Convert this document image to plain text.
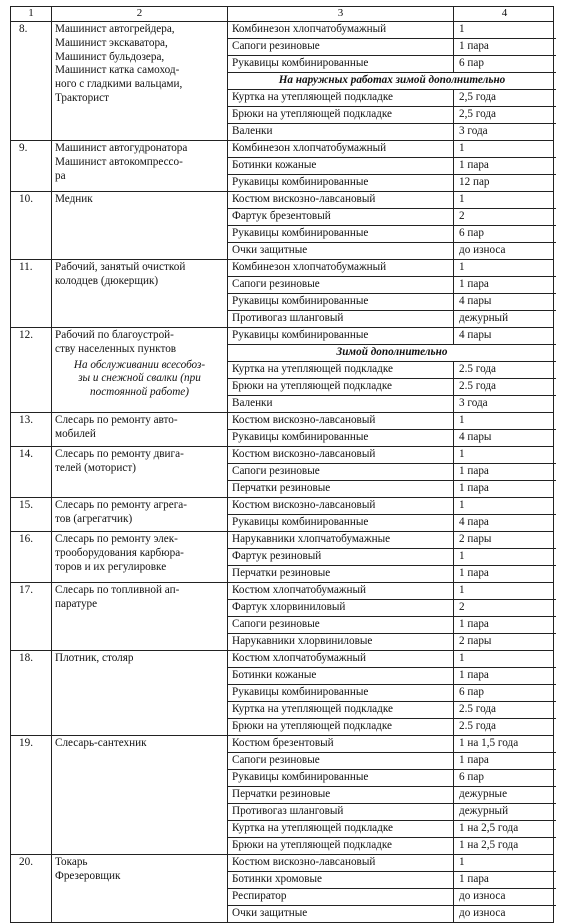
1	2	3	4
8.	Машинист автогрейдера,
Машинист экскаватора,
Машинист бульдозера,
Машинист катка самоход-
ного с гладкими вальцами,
Тракторист
Комбинезон хлопчатобумажный	1
Сапоги резиновые	1 пара
Рукавицы комбинированные	6 пар
На наружных работах зимой дополнительно
Куртка на утепляющей подкладке	2,5 года
Брюки на утепляющей подкладке	2,5 года
Валенки	3 года
9.	Машинист автогудронатора
Машинист автокомпрессо-
ра
Комбинезон хлопчатобумажный	1
Ботинки кожаные	1 пара
Рукавицы комбинированные	12 пар
10.	Медник	Костюм вискозно-лавсановый	1
Фартук брезентовый	2
Рукавицы комбинированные	6 пар
Очки защитные	до износа
11.	Рабочий, занятый очисткой
колодцев (дюкерщик)
Комбинезон хлопчатобумажный	1
Сапоги резиновые	1 пара
Рукавицы комбинированные	4 пары
Противогаз шланговый	дежурный
12.	Рабочий по благоустрой-
ству населенных пунктов
На обслуживании всесобоз-
зы и снежной свалки (при
постоянной работе)
Рукавицы комбинированные	4 пары
Зимой дополнительно
Куртка на утепляющей подкладке	2.5 года
Брюки на утепляющей подкладке	2.5 года
Валенки	3 года
13.	Слесарь по ремонту авто-
мобилей
Костюм вискозно-лавсановый	1
Рукавицы комбинированные	4 пары
14.	Слесарь по ремонту двига-
телей (моторист)
Костюм вискозно-лавсановый	1
Сапоги резиновые	1 пара
Перчатки резиновые	1 пара
15.	Слесарь по ремонту агрега-
тов (агрегатчик)
Костюм вискозно-лавсановый	1
Рукавицы комбинированные	4 пара
16.	Слесарь по ремонту элек-
трооборудования карбюра-
торов и их регулировке
Нарукавники хлопчатобумажные	2 пары
Фартук резиновый	1
Перчатки резиновые	1 пара
17.	Слесарь по топливной ап-
паратуре
Костюм хлопчатобумажный	1
Фартук хлорвиниловый	2
Сапоги резиновые	1 пара
Нарукавники хлорвиниловые	2 пары
18.	Плотник, столяр	Костюм хлопчатобумажный	1
Ботинки кожаные	1 пара
Рукавицы комбинированные	6 пар
Куртка на утепляющей подкладке	2.5 года
Брюки на утепляющей подкладке	2.5 года
19.	Слесарь-сантехник	Костюм брезентовый	1 на 1,5 года
Сапоги резиновые	1 пара
Рукавицы комбинированные	6 пар
Перчатки резиновые	дежурные
Противогаз шланговый	дежурный
Куртка на утепляющей подкладке	1 на 2,5 года
Брюки на утепляющей подкладке	1 на 2,5 года
20.	Токарь
Фрезеровщик
Костюм вискозно-лавсановый	1
Ботинки хромовые	1 пара
Респиратор	до износа
Очки защитные	до износа
